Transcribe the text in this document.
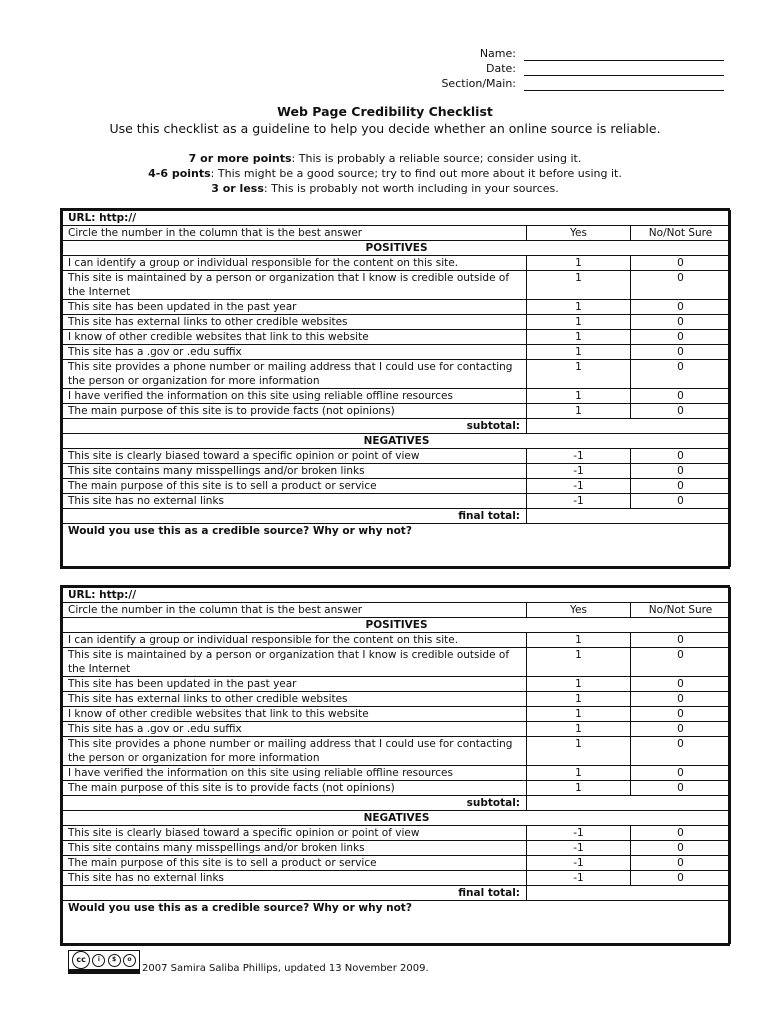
Name:
Date:
Section/Main:
Web Page Credibility Checklist
Use this checklist as a guideline to help you decide whether an online source is reliable.
7 or more points: This is probably a reliable source; consider using it.
4-6 points: This might be a good source; try to find out more about it before using it.
3 or less: This is probably not worth including in your sources.
URL: http://		
Circle the number in the column that is the best answer	Yes	No/Not Sure
POSITIVES		
I can identify a group or individual responsible for the content on this site.	1	0
This site is maintained by a person or organization that I know is credible outside of the Internet	1	0
This site has been updated in the past year	1	0
This site has external links to other credible websites	1	0
I know of other credible websites that link to this website	1	0
This site has a .gov or .edu suffix	1	0
This site provides a phone number or mailing address that I could use for contacting the person or organization for more information	1	0
I have verified the information on this site using reliable offline resources	1	0
The main purpose of this site is to provide facts (not opinions)	1	0
subtotal:		
NEGATIVES		
This site is clearly biased toward a specific opinion or point of view	-1	0
This site contains many misspellings and/or broken links	-1	0
The main purpose of this site is to sell a product or service	-1	0
This site has no external links	-1	0
final total:		
Would you use this as a credible source? Why or why not?		
URL: http://		
Circle the number in the column that is the best answer	Yes	No/Not Sure
POSITIVES		
I can identify a group or individual responsible for the content on this site.	1	0
This site is maintained by a person or organization that I know is credible outside of the Internet	1	0
This site has been updated in the past year	1	0
This site has external links to other credible websites	1	0
I know of other credible websites that link to this website	1	0
This site has a .gov or .edu suffix	1	0
This site provides a phone number or mailing address that I could use for contacting the person or organization for more information	1	0
I have verified the information on this site using reliable offline resources	1	0
The main purpose of this site is to provide facts (not opinions)	1	0
subtotal:		
NEGATIVES		
This site is clearly biased toward a specific opinion or point of view	-1	0
This site contains many misspellings and/or broken links	-1	0
The main purpose of this site is to sell a product or service	-1	0
This site has no external links	-1	0
final total:		
Would you use this as a credible source? Why or why not?		
cc	i	$	o
2007 Samira Saliba Phillips, updated 13 November 2009.
